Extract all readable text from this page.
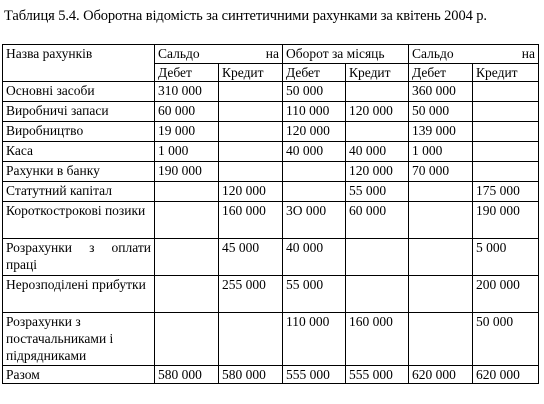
Таблиця 5.4. Оборотна відомість за синтетичними рахунками за квітень 2004 р.
Назва рахунків	Сальдо на		Оборот за місяць		Сальдо на	
	Дебет	Кредит	Дебет	Кредит	Дебет	Кредит
Основні засоби	310 000		50 000		360 000	
Виробничі запаси	60 000		110 000	120 000	50 000	
Виробництво	19 000		120 000		139 000	
Каса	1 000		40 000	40 000	1 000	
Рахунки в банку	190 000			120 000	70 000	
Статутний капітал		120 000		55 000		175 000
Короткострокові позики		160 000	3О 000	60 000		190 000
Розрахунки з оплати праці		45 000	40 000			5 000
Нерозподілені прибутки		255 000	55 000			200 000
Розрахунки з постачальниками і підрядниками			110 000	160 000		50 000
Разом	580 000	580 000	555 000	555 000	620 000	620 000
